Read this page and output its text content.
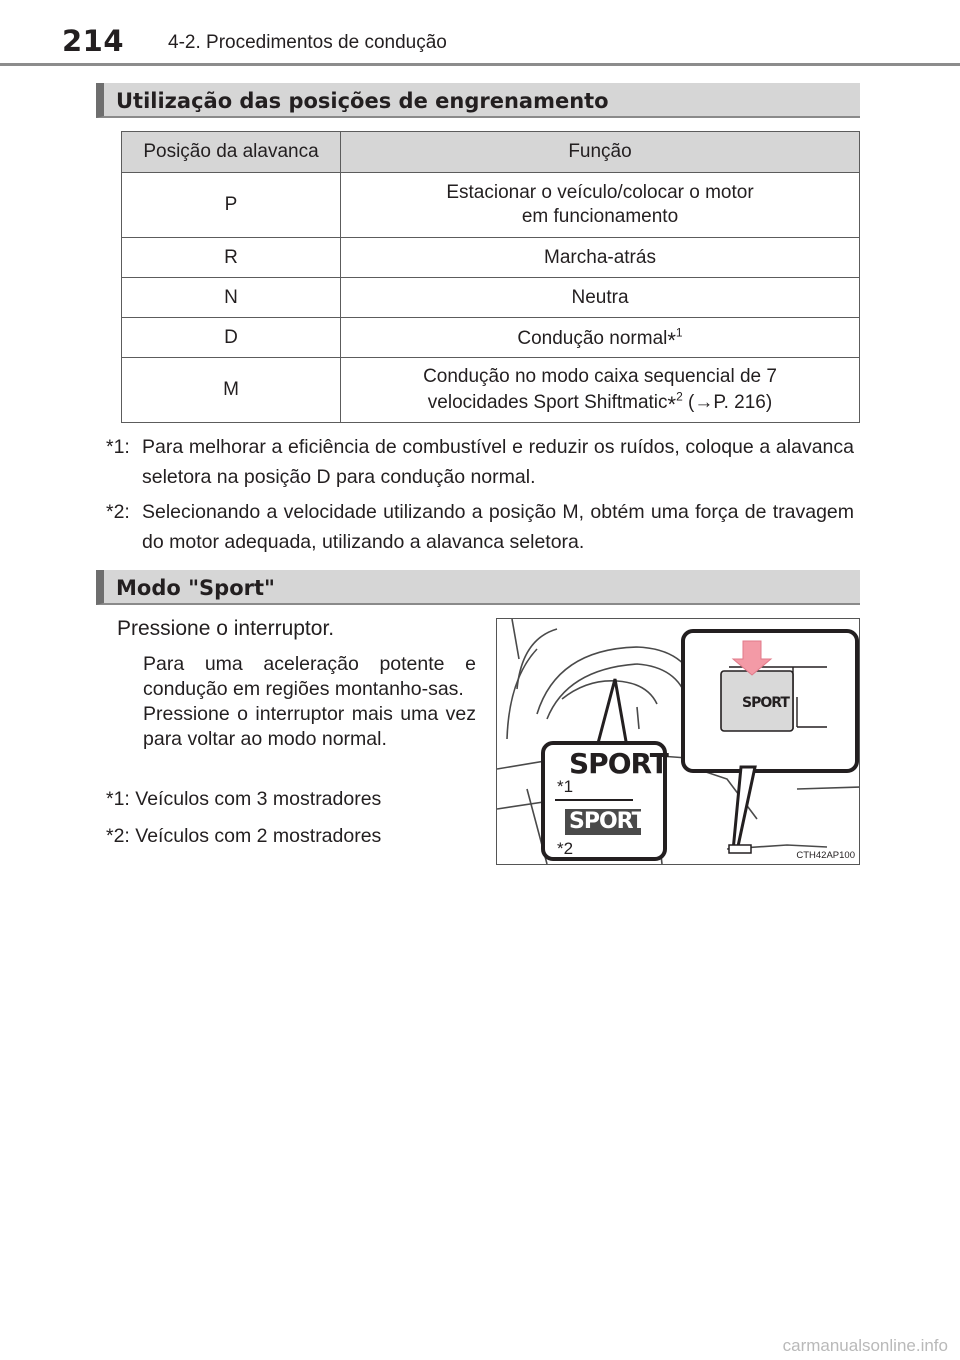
214 4-2. Procedimentos de condução
Utilização das posições de engrenamento
Posição da alavanca	Função
P	Estacionar o veículo/colocar o motor
em funcionamento

R	Marcha-atrás
N	Neutra
D	Condução normal*$^1$
M	Condução no modo caixa sequencial de 7
velocidades Sport Shiftmatic*$^2$ (→P. 216)
*1: Para melhorar a eficiência de combustível e reduzir os ruídos, coloque a alavanca seletora na posição D para condução normal.
*2: Selecionando a velocidade utilizando a posição M, obtém uma força de travagem do motor adequada, utilizando a alavanca seletora.
Modo "Sport"
Pressione o interruptor.
Para uma aceleração potente e condução em regiões montanho-sas.
Pressione o interruptor mais uma vez para voltar ao modo normal.
*1: Veículos com 3 mostradores
*2: Veículos com 2 mostradores
SPORT
SPORT
*1
SPORT
*2	CTH42AP100
carmanualsonline.info
